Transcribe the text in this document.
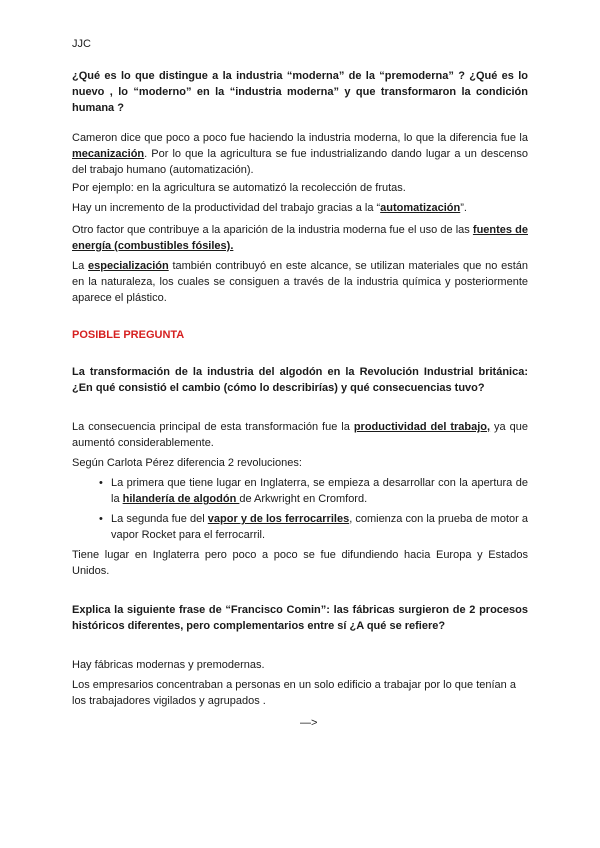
JJC

¿Qué es lo que distingue a la industria “moderna” de la “premoderna” ? ¿Qué es lo nuevo , lo “moderno” en la “industria moderna” y que transformaron la condición humana ?

Cameron dice que poco a poco fue haciendo la industria moderna, lo que la diferencia fue la mecanización. Por lo que la agricultura se fue industrializando dando lugar a un descenso del trabajo humano (automatización).

Por ejemplo: en la agricultura se automatizó la recolección de frutas.

Hay un incremento de la productividad del trabajo gracias a la “automatización”.

Otro factor que contribuye a la aparición de la industria moderna fue el uso de las fuentes de energía (combustibles fósiles).

La especialización también contribuyó en este alcance, se utilizan materiales que no están en la naturaleza, los cuales se consiguen a través de la industria química y posteriormente aparece el plástico.

POSIBLE PREGUNTA

La transformación de la industria del algodón en la Revolución Industrial británica: ¿En qué consistió el cambio (cómo lo describirías) y qué consecuencias tuvo?

La consecuencia principal de esta transformación fue la productividad del trabajo, ya que aumentó considerablemente.

Según Carlota Pérez diferencia 2 revoluciones:

• La primera que tiene lugar en Inglaterra, se empieza a desarrollar con la apertura de la hilandería de algodón de Arkwright en Cromford.
• La segunda fue del vapor y de los ferrocarriles, comienza con la prueba de motor a vapor Rocket para el ferrocarril.

Tiene lugar en Inglaterra pero poco a poco se fue difundiendo hacia Europa y Estados Unidos.

Explica la siguiente frase de “Francisco Comin”: las fábricas surgieron de 2 procesos históricos diferentes, pero complementarios entre sí ¿A qué se refiere?

Hay fábricas modernas y premodernas.

Los empresarios concentraban a personas en un solo edificio a trabajar por lo que tenían a los trabajadores vigilados y agrupados .

—>
